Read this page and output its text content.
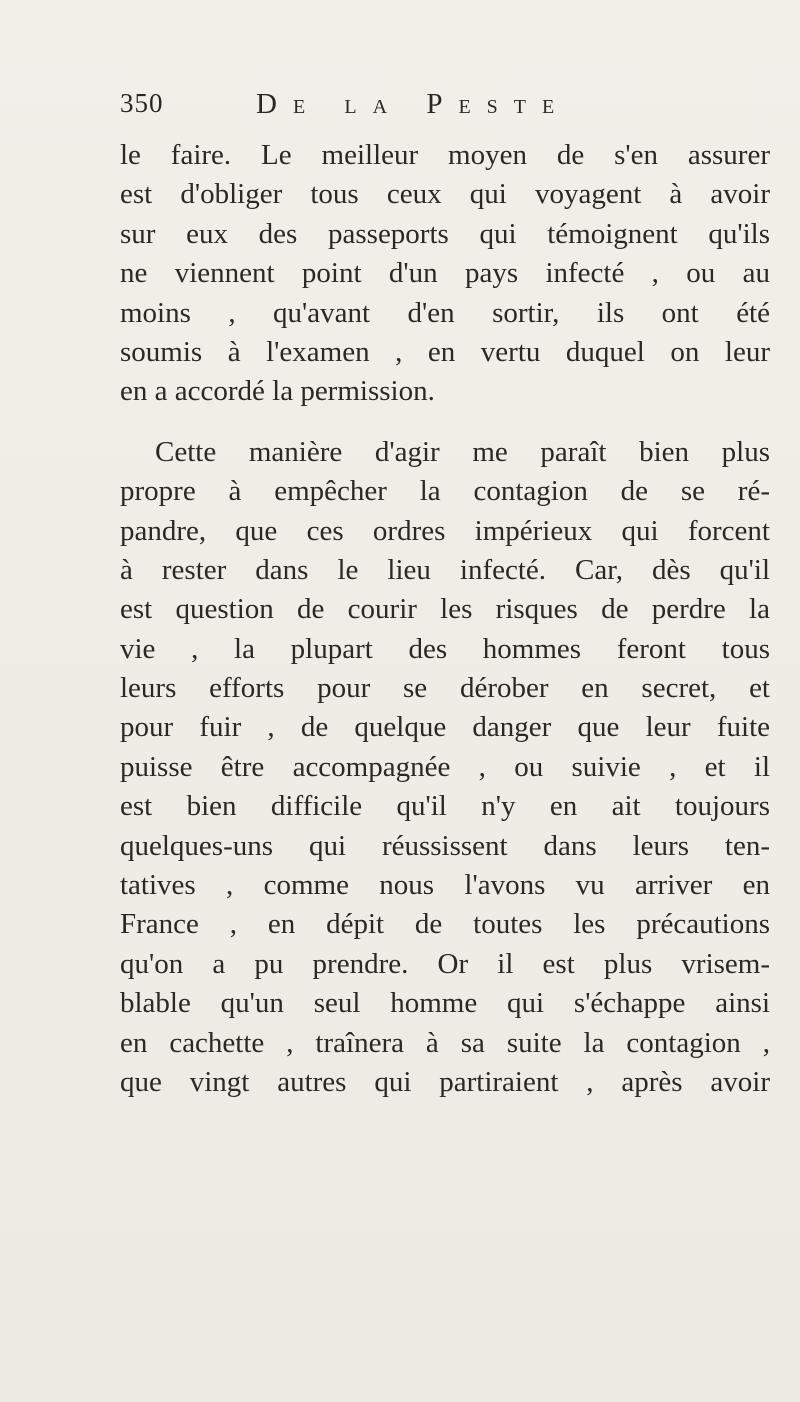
350	De la Peste
le faire. Le meilleur moyen de s'en assurer
est d'obliger tous ceux qui voyagent à avoir
sur eux des passeports qui témoignent qu'ils
ne viennent point d'un pays infecté , ou au
moins , qu'avant d'en sortir, ils ont été
soumis à l'examen , en vertu duquel on leur
en a accordé la permission.
Cette manière d'agir me paraît bien plus
propre à empêcher la contagion de se ré-
pandre, que ces ordres impérieux qui forcent
à rester dans le lieu infecté. Car, dès qu'il
est question de courir les risques de perdre la
vie , la plupart des hommes feront tous
leurs efforts pour se dérober en secret, et
pour fuir , de quelque danger que leur fuite
puisse être accompagnée , ou suivie , et il
est bien difficile qu'il n'y en ait toujours
quelques-uns qui réussissent dans leurs ten-
tatives , comme nous l'avons vu arriver en
France , en dépit de toutes les précautions
qu'on a pu prendre. Or il est plus vrisem-
blable qu'un seul homme qui s'échappe ainsi
en cachette , traînera à sa suite la contagion ,
que vingt autres qui partiraient , après avoir
